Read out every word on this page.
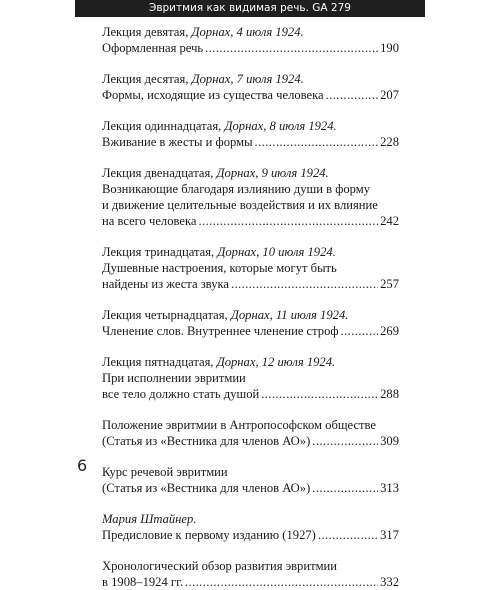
Эвритмия как видимая речь. GA 279
Лекция девятая, Дорнах, 4 июля 1924.
Оформленная речь .....	190
Лекция десятая, Дорнах, 7 июля 1924.
Формы, исходящие из существа человека .....	207
Лекция одиннадцатая, Дорнах, 8 июля 1924.
Вживание в жесты и формы .....	228
Лекция двенадцатая, Дорнах, 9 июля 1924.
Возникающие благодаря излиянию души в форму
и движение целительные воздействия и их влияние
на всего человека .....	242
Лекция тринадцатая, Дорнах, 10 июля 1924.
Душевные настроения, которые могут быть
найдены из жеста звука .....	257
Лекция четырнадцатая, Дорнах, 11 июля 1924.
Членение слов. Внутреннее членение строф .....	269
Лекция пятнадцатая, Дорнах, 12 июля 1924.
При исполнении эвритмии
все тело должно стать душой .....	288
Положение эвритмии в Антропософском обществе
(Статья из «Вестника для членов АО») .....	309
Курс речевой эвритмии
(Статья из «Вестника для членов АО») .....	313
Мария Штайнер.
Предисловие к первому изданию (1927) .....	317
Хронологический обзор развития эвритмии
в 1908–1924 гг. .....	332
6
